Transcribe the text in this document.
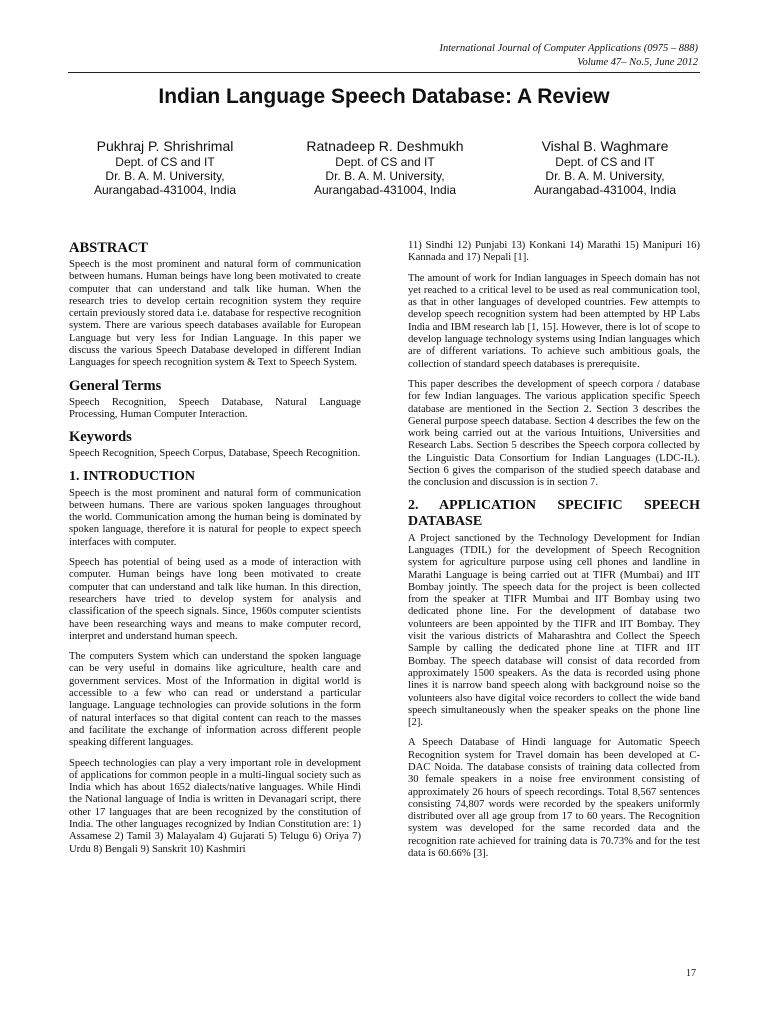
International Journal of Computer Applications (0975 – 888)
Volume 47– No.5, June 2012
Indian Language Speech Database: A Review
Pukhraj P. Shrishrimal
Dept. of CS and IT
Dr. B. A. M. University,
Aurangabad-431004, India
Ratnadeep R. Deshmukh
Dept. of CS and IT
Dr. B. A. M. University,
Aurangabad-431004, India
Vishal B. Waghmare
Dept. of CS and IT
Dr. B. A. M. University,
Aurangabad-431004, India
ABSTRACT

Speech is the most prominent and natural form of communication between humans. Human beings have long been motivated to create computer that can understand and talk like human. When the research tries to develop certain recognition system they require certain previously stored data i.e. database for respective recognition system. There are various speech databases available for European Language but very less for Indian Language. In this paper we discuss the various Speech Database developed in different Indian Languages for speech recognition system & Text to Speech System.

General Terms

Speech Recognition, Speech Database, Natural Language Processing, Human Computer Interaction.

Keywords

Speech Recognition, Speech Corpus, Database, Speech Recognition.

1. INTRODUCTION

Speech is the most prominent and natural form of communication between humans. There are various spoken languages throughout the world. Communication among the human being is dominated by spoken language, therefore it is natural for people to expect speech interfaces with computer.

Speech has potential of being used as a mode of interaction with computer. Human beings have long been motivated to create computer that can understand and talk like human. In this direction, researchers have tried to develop system for analysis and classification of the speech signals. Since, 1960s computer scientists have been researching ways and means to make computer record, interpret and understand human speech.

The computers System which can understand the spoken language can be very useful in domains like agriculture, health care and government services. Most of the Information in digital world is accessible to a few who can read or understand a particular language. Language technologies can provide solutions in the form of natural interfaces so that digital content can reach to the masses and facilitate the exchange of information across different people speaking different languages.

Speech technologies can play a very important role in development of applications for common people in a multi-lingual society such as India which has about 1652 dialects/native languages. While Hindi the National language of India is written in Devanagari script, there other 17 languages that are been recognized by the constitution of India. The other languages recognized by Indian Constitution are: 1) Assamese 2) Tamil 3) Malayalam 4) Gujarati 5) Telugu 6) Oriya 7) Urdu 8) Bengali 9) Sanskrit 10) Kashmiri

11) Sindhi 12) Punjabi 13) Konkani 14) Marathi 15) Manipuri 16) Kannada and 17) Nepali [1].

The amount of work for Indian languages in Speech domain has not yet reached to a critical level to be used as real communication tool, as that in other languages of developed countries. Few attempts to develop speech recognition system had been attempted by HP Labs India and IBM research lab [1, 15]. However, there is lot of scope to develop language technology systems using Indian languages which are of different variations. To achieve such ambitious goals, the collection of standard speech databases is prerequisite.

This paper describes the development of speech corpora / database for few Indian languages. The various application specific Speech database are mentioned in the Section 2. Section 3 describes the General purpose speech database. Section 4 describes the few on the work being carried out at the various Intuitions, Universities and Research Labs. Section 5 describes the Speech corpora collected by the Linguistic Data Consortium for Indian Languages (LDC-IL). Section 6 gives the comparison of the studied speech database and the conclusion and discussion is in section 7.

2. APPLICATION SPECIFIC SPEECH DATABASE

A Project sanctioned by the Technology Development for Indian Languages (TDIL) for the development of Speech Recognition system for agriculture purpose using cell phones and landline in Marathi Language is being carried out at TIFR (Mumbai) and IIT Bombay jointly. The speech data for the project is been collected from the speaker at TIFR Mumbai and IIT Bombay using two dedicated phone line. For the development of database two volunteers are been appointed by the TIFR and IIT Bombay. They visit the various districts of Maharashtra and Collect the Speech Sample by calling the dedicated phone line at TIFR and IIT Bombay. The speech database will consist of data recorded from approximately 1500 speakers. As the data is recorded using phone lines it is narrow band speech along with background noise so the volunteers also have digital voice recorders to collect the wide band speech simultaneously when the speaker speaks on the phone line [2].

A Speech Database of Hindi language for Automatic Speech Recognition system for Travel domain has been developed at C-DAC Noida. The database consists of training data collected from 30 female speakers in a noise free environment consisting of approximately 26 hours of speech recordings. Total 8,567 sentences consisting 74,807 words were recorded by the speakers uniformly distributed over all age group from 17 to 60 years. The Recognition system was developed for the same recorded data and the recognition rate achieved for training data is 70.73% and for the test data is 60.66% [3].

17
